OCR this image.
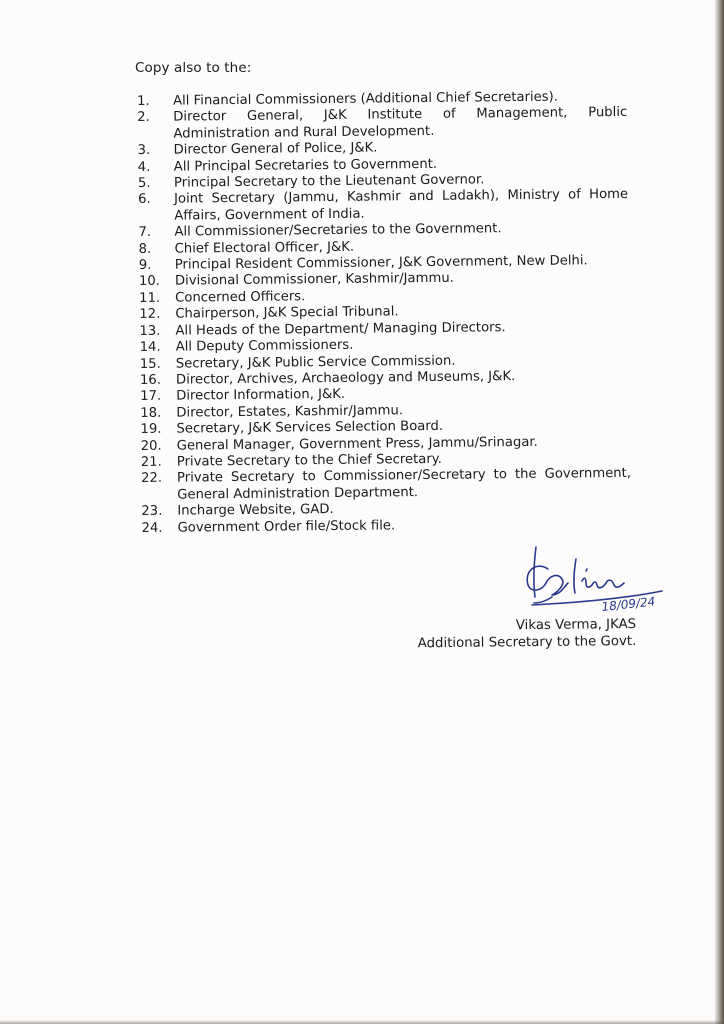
Copy also to the:
1.	All Financial Commissioners (Additional Chief Secretaries).
2.	Director General, J&K Institute of Management, Public Administration and Rural Development.
3.	Director General of Police, J&K.
4.	All Principal Secretaries to Government.
5.	Principal Secretary to the Lieutenant Governor.
6.	Joint Secretary (Jammu, Kashmir and Ladakh), Ministry of Home Affairs, Government of India.
7.	All Commissioner/Secretaries to the Government.
8.	Chief Electoral Officer, J&K.
9.	Principal Resident Commissioner, J&K Government, New Delhi.
10.	Divisional Commissioner, Kashmir/Jammu.
11.	Concerned Officers.
12.	Chairperson, J&K Special Tribunal.
13.	All Heads of the Department/ Managing Directors.
14.	All Deputy Commissioners.
15.	Secretary, J&K Public Service Commission.
16.	Director, Archives, Archaeology and Museums, J&K.
17.	Director Information, J&K.
18.	Director, Estates, Kashmir/Jammu.
19.	Secretary, J&K Services Selection Board.
20.	General Manager, Government Press, Jammu/Srinagar.
21.	Private Secretary to the Chief Secretary.
22.	Private Secretary to Commissioner/Secretary to the Government, General Administration Department.
23.	Incharge Website, GAD.
24.	Government Order file/Stock file.
18/09/24
Vikas Verma, JKAS
Additional Secretary to the Govt.
